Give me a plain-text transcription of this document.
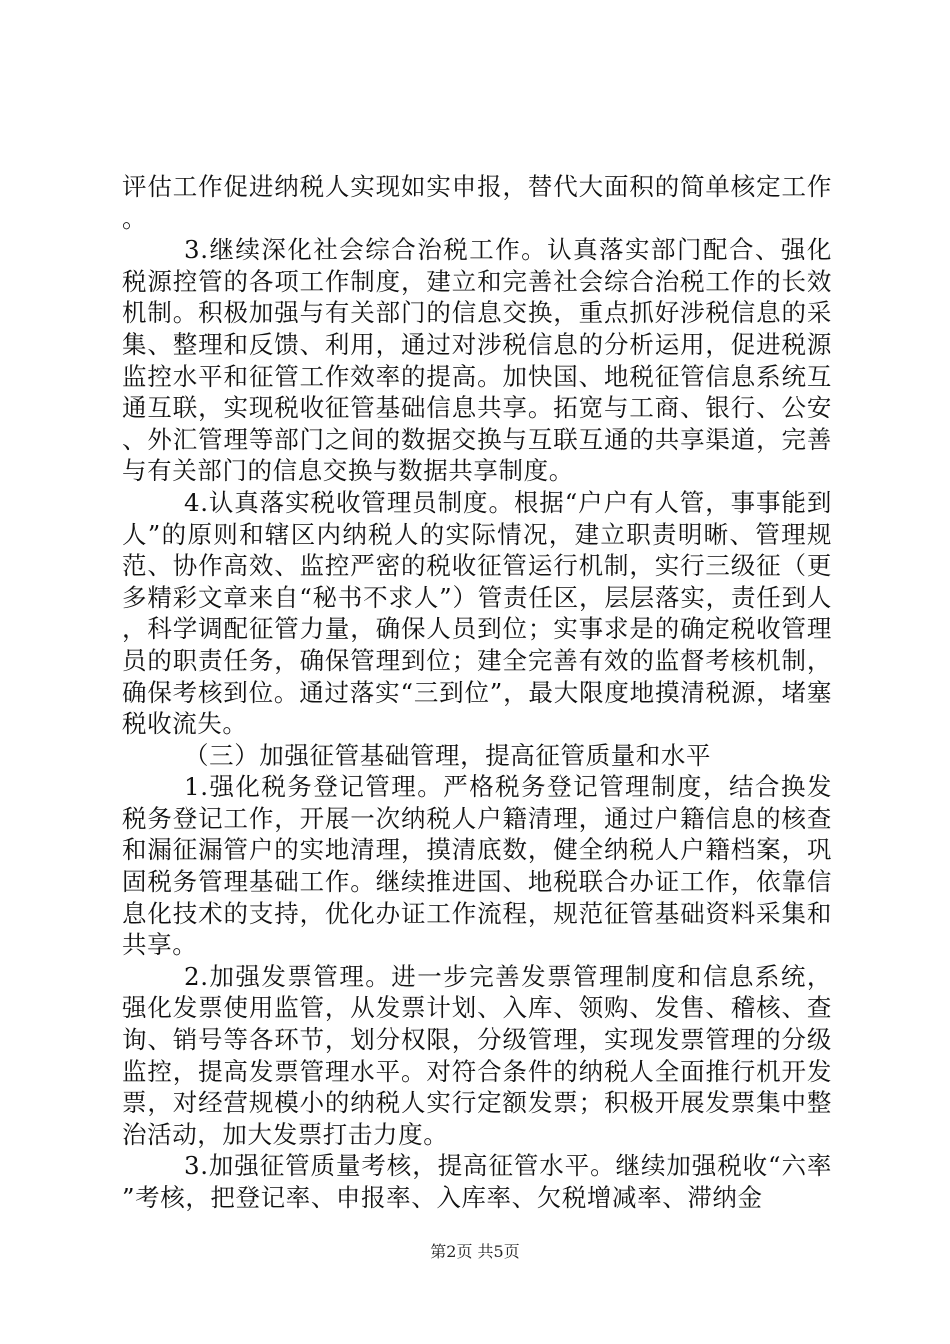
评估工作促进纳税人实现如实申报，替代大面积的简单核定工作。

3.继续深化社会综合治税工作。认真落实部门配合、强化税源控管的各项工作制度，建立和完善社会综合治税工作的长效机制。积极加强与有关部门的信息交换，重点抓好涉税信息的采集、整理和反馈、利用，通过对涉税信息的分析运用，促进税源监控水平和征管工作效率的提高。加快国、地税征管信息系统互通互联，实现税收征管基础信息共享。拓宽与工商、银行、公安、外汇管理等部门之间的数据交换与互联互通的共享渠道，完善与有关部门的信息交换与数据共享制度。

4.认真落实税收管理员制度。根据“户户有人管，事事能到人”的原则和辖区内纳税人的实际情况，建立职责明晰、管理规范、协作高效、监控严密的税收征管运行机制，实行三级征（更多精彩文章来自“秘书不求人”）管责任区，层层落实，责任到人，科学调配征管力量，确保人员到位；实事求是的确定税收管理员的职责任务，确保管理到位；建全完善有效的监督考核机制，确保考核到位。通过落实“三到位”，最大限度地摸清税源，堵塞税收流失。

（三）加强征管基础管理，提高征管质量和水平

1.强化税务登记管理。严格税务登记管理制度，结合换发税务登记工作，开展一次纳税人户籍清理，通过户籍信息的核查和漏征漏管户的实地清理，摸清底数，健全纳税人户籍档案，巩固税务管理基础工作。继续推进国、地税联合办证工作，依靠信息化技术的支持，优化办证工作流程，规范征管基础资料采集和共享。

2.加强发票管理。进一步完善发票管理制度和信息系统，强化发票使用监管，从发票计划、入库、领购、发售、稽核、查询、销号等各环节，划分权限，分级管理，实现发票管理的分级监控，提高发票管理水平。对符合条件的纳税人全面推行机开发票，对经营规模小的纳税人实行定额发票；积极开展发票集中整治活动，加大发票打击力度。

3.加强征管质量考核，提高征管水平。继续加强税收“六率”考核，把登记率、申报率、入库率、欠税增减率、滞纳金

第2页 共5页
